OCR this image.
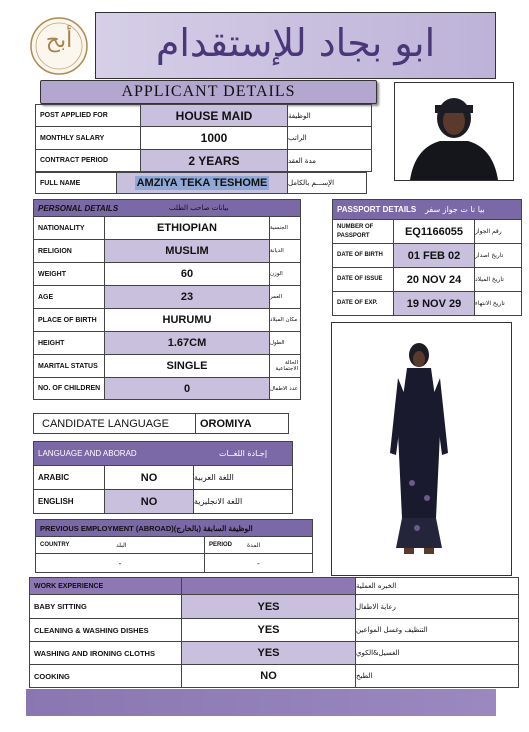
أبح	ابو بجاد للإستقدام
APPLICANT DETAILS
POST APPLIED FOR	HOUSE MAID	الوظيفة
MONTHLY SALARY	1000	الراتب
CONTRACT PERIOD	2 YEARS	مدة العقد
FULL NAME	AMZIYA TEKA TESHOME	الإســـم بالكامل
PERSONAL DETAILS	بيانات صاحب الطلب
NATIONALITY	ETHIOPIAN	الجنسية
RELIGION	MUSLIM	الديانة
WEIGHT	60	الوزن
AGE	23	العمر
PLACE OF BIRTH	HURUMU	مكان الميلاد
HEIGHT	1.67CM	الطول
MARITAL STATUS	SINGLE	الحالة الاجتماعية
NO. OF CHILDREN	0	عدد الاطفال
PASSPORT DETAILS بيا نا ت جواز سفر
NUMBER OF PASSPORT	EQ1166055	رقم الجواز
DATE OF BIRTH	01 FEB 02	تاريخ اصدار
DATE OF ISSUE	20 NOV 24	تاريخ الميلاد
DATE OF EXP.	19 NOV 29	تاريخ الانتهاء
CANDIDATE LANGUAGE	OROMIYA
LANGUAGE AND ABORAD	إجـادة اللغــات
ARABIC	NO	اللغة العربية
ENGLISH	NO	اللغة الانجليزية
PREVIOUS EMPLOYMENT (ABROAD)(الوظيفة السابقة (بالخارج
COUNTRY	البلد	PERIOD المدة
-	-
WORK EXPERIENCE	الخبره العملية
BABY SITTING	YES	رعاية الاطفال
CLEANING & WASHING DISHES	YES	التنظيف وغسل المواعين
WASHING AND IRONING CLOTHS	YES	الغسيل&الكوي
COOKING	NO	الطبخ
